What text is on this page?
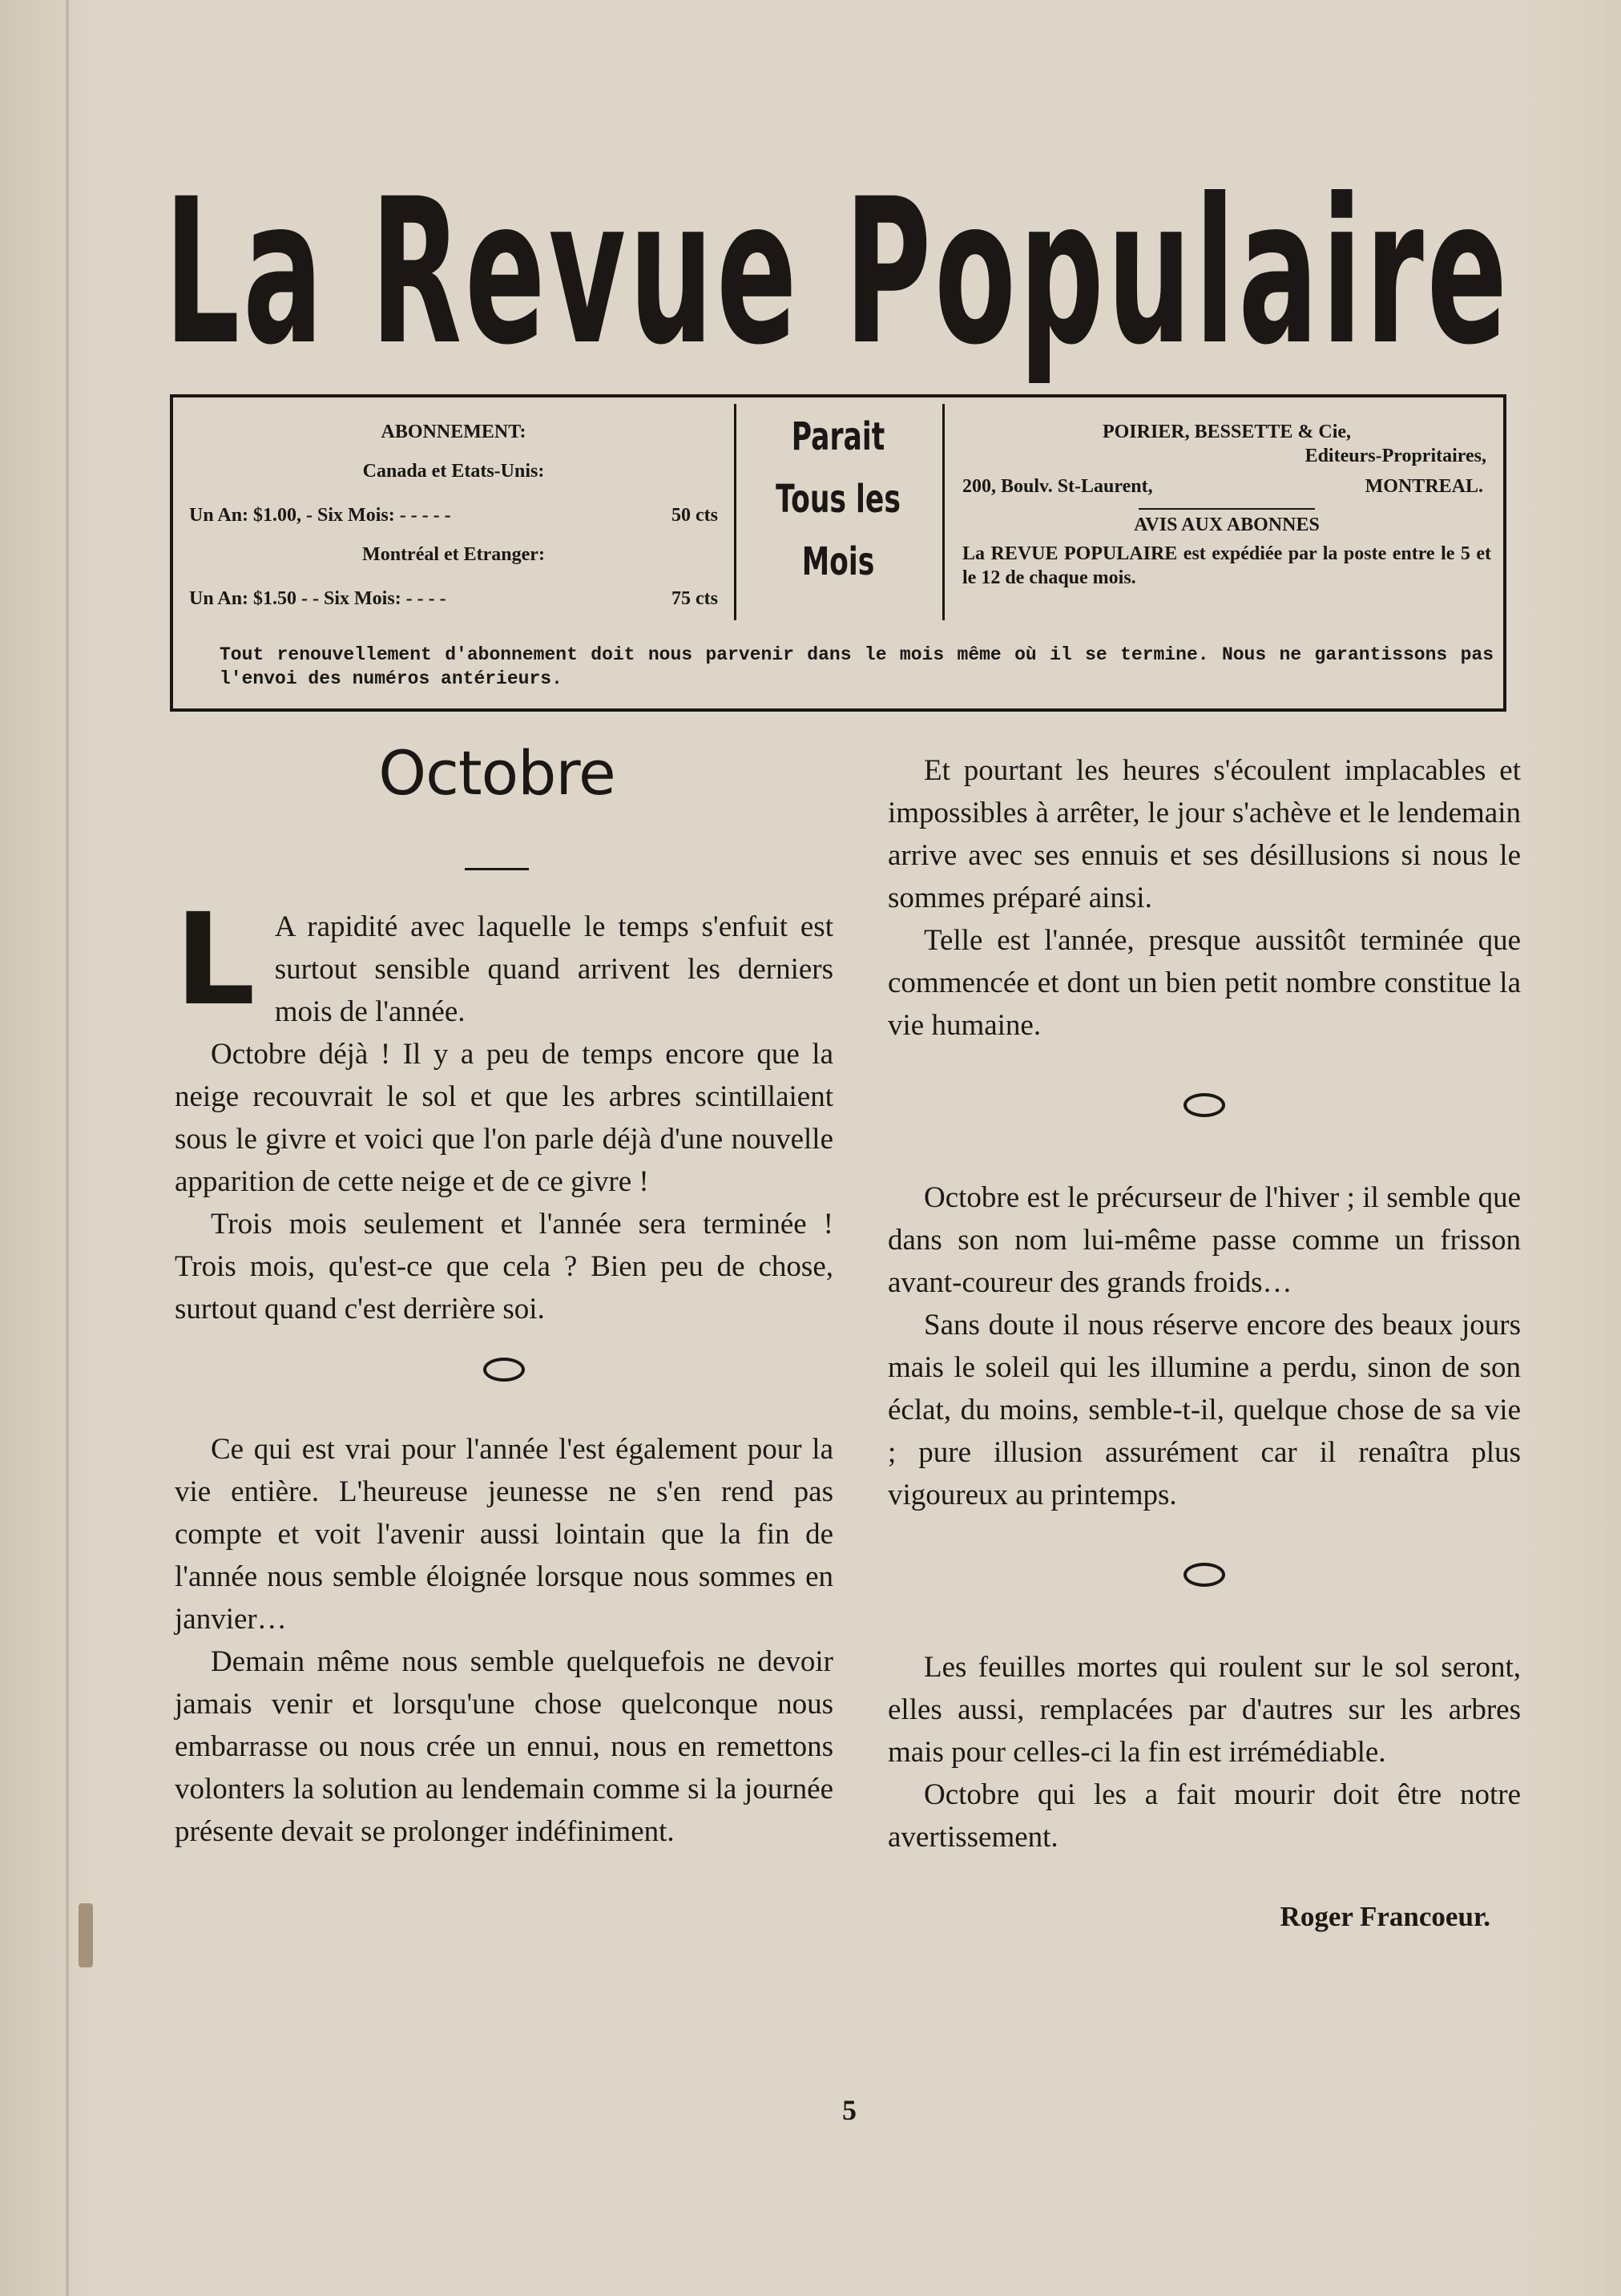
La Revue Populaire
ABONNEMENT:
Canada et Etats-Unis:
Un An: $1.00, - Six Mois: - - - - -	50 cts
Montréal et Etranger:
Un An: $1.50 - - Six Mois: - - - -	75 cts
Parait
Tous les
Mois
POIRIER, BESSETTE & Cie,
Editeurs-Propritaires,
200, Boulv. St-Laurent,	MONTREAL.
AVIS AUX ABONNES
La REVUE POPULAIRE est expédiée par la poste entre le 5 et le 12 de chaque mois.
Tout renouvellement d'abonnement doit nous parvenir dans le mois même où il se termine. Nous ne garantissons pas l'envoi des numéros antérieurs.
Octobre

L A rapidité avec laquelle le temps s'enfuit est surtout sensible quand arrivent les derniers mois de l'année.

Octobre déjà ! Il y a peu de temps encore que la neige recouvrait le sol et que les arbres scintillaient sous le givre et voici que l'on parle déjà d'une nouvelle apparition de cette neige et de ce givre !

Trois mois seulement et l'année sera terminée ! Trois mois, qu'est-ce que cela ? Bien peu de chose, surtout quand c'est derrière soi.

Ce qui est vrai pour l'année l'est également pour la vie entière. L'heureuse jeunesse ne s'en rend pas compte et voit l'avenir aussi lointain que la fin de l'année nous semble éloignée lorsque nous sommes en janvier…

Demain même nous semble quelquefois ne devoir jamais venir et lorsqu'une chose quelconque nous embarrasse ou nous crée un ennui, nous en remettons volonters la solution au lendemain comme si la journée présente devait se prolonger indéfiniment.

Et pourtant les heures s'écoulent implacables et impossibles à arrêter, le jour s'achève et le lendemain arrive avec ses ennuis et ses désillusions si nous le sommes préparé ainsi.

Telle est l'année, presque aussitôt terminée que commencée et dont un bien petit nombre constitue la vie humaine.

Octobre est le précurseur de l'hiver ; il semble que dans son nom lui-même passe comme un frisson avant-coureur des grands froids…

Sans doute il nous réserve encore des beaux jours mais le soleil qui les illumine a perdu, sinon de son éclat, du moins, semble-t-il, quelque chose de sa vie ; pure illusion assurément car il renaîtra plus vigoureux au printemps.

Les feuilles mortes qui roulent sur le sol seront, elles aussi, remplacées par d'autres sur les arbres mais pour celles-ci la fin est irrémédiable.

Octobre qui les a fait mourir doit être notre avertissement.

Roger Francoeur.
5
